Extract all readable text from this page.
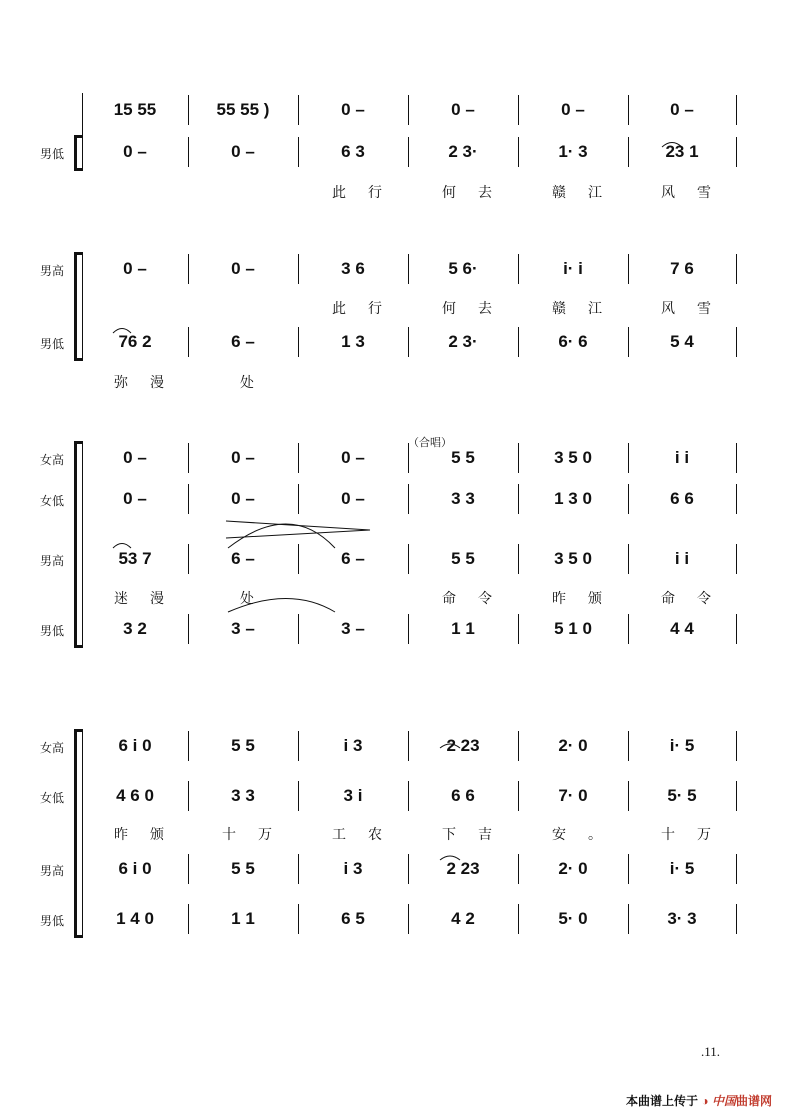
15 55	55 55 )	0 –	0 –	0 –	0 –
男低	0 –	0 –	6 3	2 3·	1· 3	23 1
此行	何去	赣江	风雪
男高	0 –	0 –	3 6	5 6·	i· i	7 6
此行	何去	赣江	风雪
男低	76 2	6 –	1 3	2 3·	6· 6	5 4
弥漫	处
（合唱）
女高	0 –	0 –	0 –	5 5	3 5 0	i i
女低	0 –	0 –	0 –	3 3	1 3 0	6 6
男高	53 7	6 –	6 –	5 5	3 5 0	i i
迷漫	处	命令	昨颁	命令
男低	3 2	3 –	3 –	1 1	5 1 0	4 4
女高	6 i 0	5 5	i 3	2 23	2· 0	i· 5
女低	4 6 0	3 3	3 i	6 6	7· 0	5· 5
昨颁	十万	工农	下吉	安。	十万
男高	6 i 0	5 5	i 3	2 23	2· 0	i· 5
男低	1 4 0	1 1	6 5	4 2	5· 0	3· 3
.11.
本曲谱上传于 ◑ 中国曲谱网
